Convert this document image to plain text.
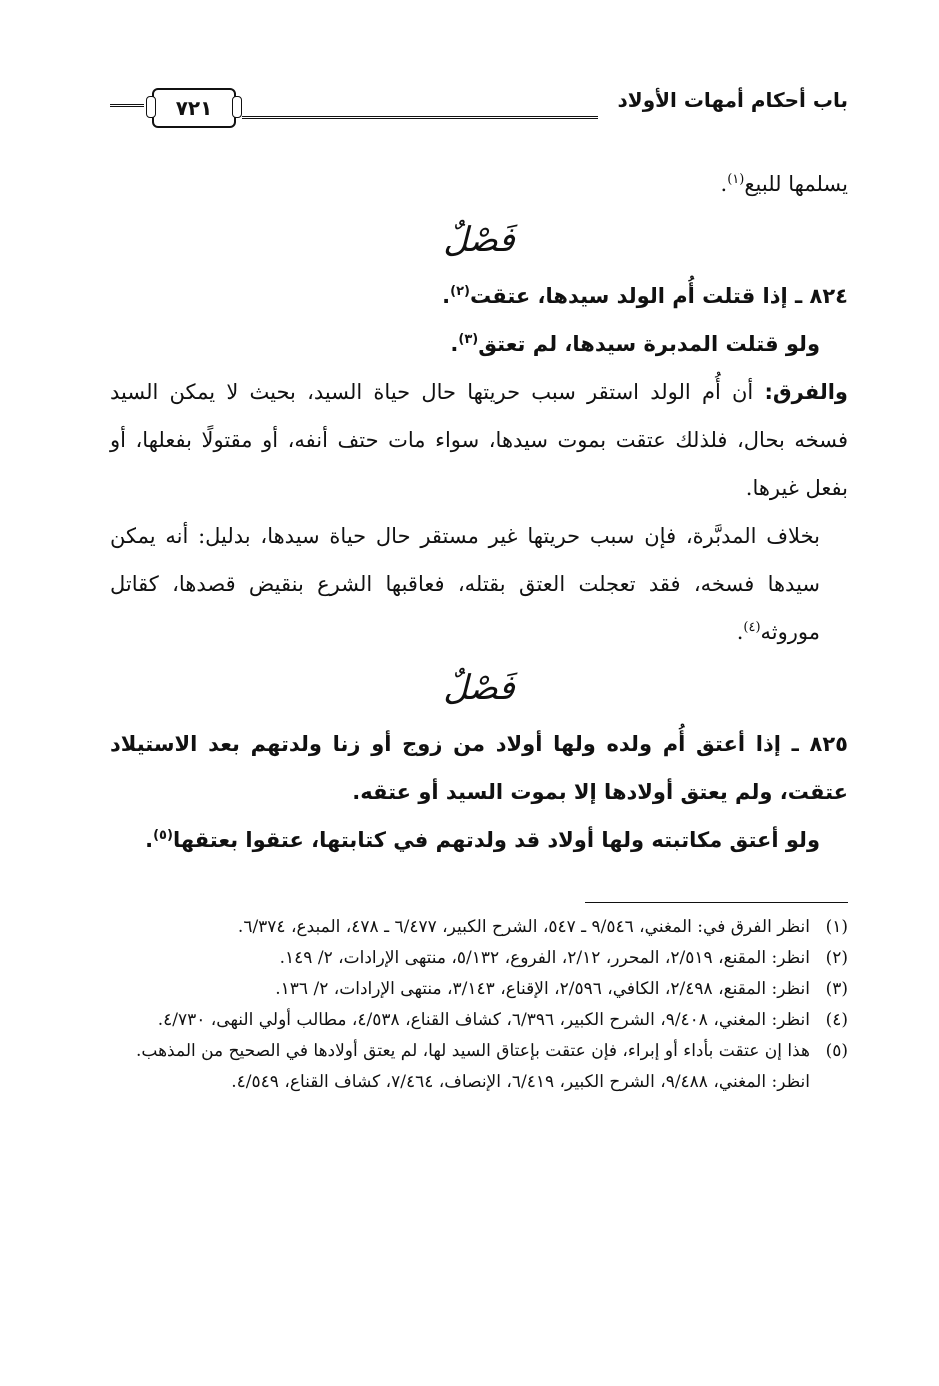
باب أحكام أمهات الأولاد
٧٢١

يسلمها للبيع$^{(١)}$.

فَصْلٌ

٨٢٤ ـ إذا قتلت أُم الولد سيدها، عتقت$^{(٢)}$.

ولو قتلت المدبرة سيدها، لم تعتق$^{(٣)}$.

والفرق: أن أُم الولد استقر سبب حريتها حال حياة السيد، بحيث لا يمكن السيد فسخه بحال، فلذلك عتقت بموت سيدها، سواء مات حتف أنفه، أو مقتولًا بفعلها، أو بفعل غيرها.

بخلاف المدبَّرة، فإن سبب حريتها غير مستقر حال حياة سيدها، بدليل: أنه يمكن سيدها فسخه، فقد تعجلت العتق بقتله، فعاقبها الشرع بنقيض قصدها، كقاتل موروثه$^{(٤)}$.

فَصْلٌ

٨٢٥ ـ إذا أعتق أُم ولده ولها أولاد من زوج أو زنا ولدتهم بعد الاستيلاد عتقت، ولم يعتق أولادها إلا بموت السيد أو عتقه.

ولو أعتق مكاتبته ولها أولاد قد ولدتهم في كتابتها، عتقوا بعتقها$^{(٥)}$.

(١)
انظر الفرق في: المغني، ٩/٥٤٦ ـ ٥٤٧، الشرح الكبير، ٦/٤٧٧ ـ ٤٧٨، المبدع، ٦/٣٧٤.

(٢)
انظر: المقنع، ٢/٥١٩، المحرر، ٢/١٢، الفروع، ٥/١٣٢، منتهى الإرادات، ٢/ ١٤٩.

(٣)
انظر: المقنع، ٢/٤٩٨، الكافي، ٢/٥٩٦، الإقناع، ٣/١٤٣، منتهى الإرادات، ٢/ ١٣٦.

(٤)
انظر: المغني، ٩/٤٠٨، الشرح الكبير، ٦/٣٩٦، كشاف القناع، ٤/٥٣٨، مطالب أولي النهى، ٤/٧٣٠.

(٥)
هذا إن عتقت بأداء أو إبراء، فإن عتقت بإعتاق السيد لها، لم يعتق أولادها في الصحيح من المذهب.

انظر: المغني، ٩/٤٨٨، الشرح الكبير، ٦/٤١٩، الإنصاف، ٧/٤٦٤، كشاف القناع، ٤/٥٤٩.
